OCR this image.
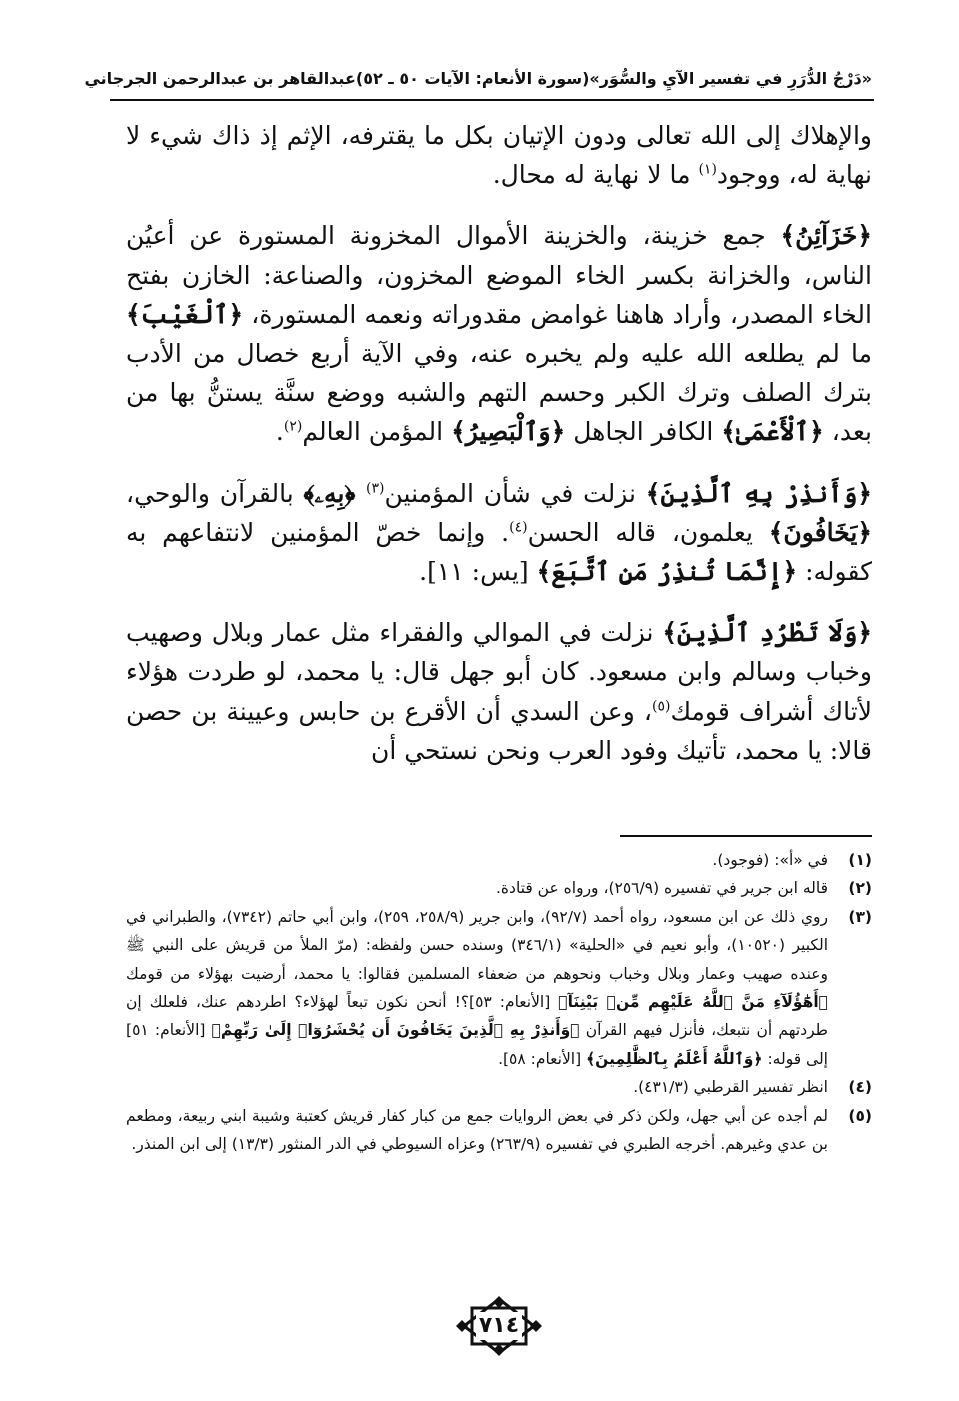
«دَرْجُ الدُّرَرِ في تفسير الآيِ والسُّوَر»
(سورة الأنعام: الآيات ٥٠ ـ ٥٢)
عبدالقاهر بن عبدالرحمن الجرجاني

والإهلاك إلى الله تعالى ودون الإتيان بكل ما يقترفه، الإثم إذ ذاك شيء لا نهاية له، ووجود$^{(١)}$ ما لا نهاية له محال.

﴿خَزَآئِنُ﴾ جمع خزينة، والخزينة الأموال المخزونة المستورة عن أعيُن الناس، والخزانة بكسر الخاء الموضع المخزون، والصناعة: الخازن بفتح الخاء المصدر، وأراد هاهنا غوامض مقدوراته ونعمه المستورة، ﴿ٱلْغَيْبَ﴾ ما لم يطلعه الله عليه ولم يخبره عنه، وفي الآية أربع خصال من الأدب بترك الصلف وترك الكبر وحسم التهم والشبه ووضع سنَّة يستنُّ بها من بعد، ﴿ٱلْأَعْمَىٰ﴾ الكافر الجاهل ﴿وَٱلْبَصِيرُ﴾ المؤمن العالم$^{(٢)}$.

﴿وَأَنذِرْ بِهِ ٱلَّذِينَ﴾ نزلت في شأن المؤمنين$^{(٣)}$ ﴿بِهِۦ﴾ بالقرآن والوحي، ﴿يَخَافُونَ﴾ يعلمون، قاله الحسن$^{(٤)}$. وإنما خصّ المؤمنين لانتفاعهم به كقوله: ﴿إِنَّمَا تُنذِرُ مَنِ ٱتَّبَعَ﴾ [يس: ١١].

﴿وَلَا تَطْرُدِ ٱلَّذِينَ﴾ نزلت في الموالي والفقراء مثل عمار وبلال وصهيب وخباب وسالم وابن مسعود. كان أبو جهل قال: يا محمد، لو طردت هؤلاء لأتاك أشراف قومك$^{(٥)}$، وعن السدي أن الأقرع بن حابس وعيينة بن حصن قالا: يا محمد، تأتيك وفود العرب ونحن نستحي أن

(١)
في «أ»: (فوجود).
(٢)
قاله ابن جرير في تفسيره (٢٥٦/٩)، ورواه عن قتادة.
(٣)
روي ذلك عن ابن مسعود، رواه أحمد (٩٢/٧)، وابن جرير (٢٥٨/٩، ٢٥٩)، وابن أبي حاتم (٧٣٤٢)، والطبراني في الكبير (١٠٥٢٠)، وأبو نعيم في «الحلية» (٣٤٦/١) وسنده حسن ولفظه: (مرّ الملأ من قريش على النبي ﷺ وعنده صهيب وعمار وبلال وخباب ونحوهم من ضعفاء المسلمين فقالوا: يا محمد، أرضيت بهؤلاء من قومك ﴿أَهَٰٓؤُلَآءِ مَنَّ ٱللَّهُ عَلَيْهِم مِّنۢ بَيْنِنَآ﴾ [الأنعام: ٥٣]؟! أنحن نكون تبعاً لهؤلاء؟ اطردهم عنك، فلعلك إن طردتهم أن نتبعك، فأنزل فيهم القرآن ﴿وَأَنذِرْ بِهِ ٱلَّذِينَ يَخَافُونَ أَن يُحْشَرُوٓا۟ إِلَىٰ رَبِّهِمْ﴾ [الأنعام: ٥١] إلى قوله: ﴿وَٱللَّهُ أَعْلَمُ بِٱلظَّٰلِمِينَ﴾ [الأنعام: ٥٨].
(٤)
انظر تفسير القرطبي (٤٣١/٣).
(٥)
لم أجده عن أبي جهل، ولكن ذكر في بعض الروايات جمع من كبار كفار قريش كعتبة وشيبة ابني ربيعة، ومطعم بن عدي وغيرهم. أخرجه الطبري في تفسيره (٢٦٣/٩) وعزاه السيوطي في الدر المنثور (١٣/٣) إلى ابن المنذر.
٧١٤
